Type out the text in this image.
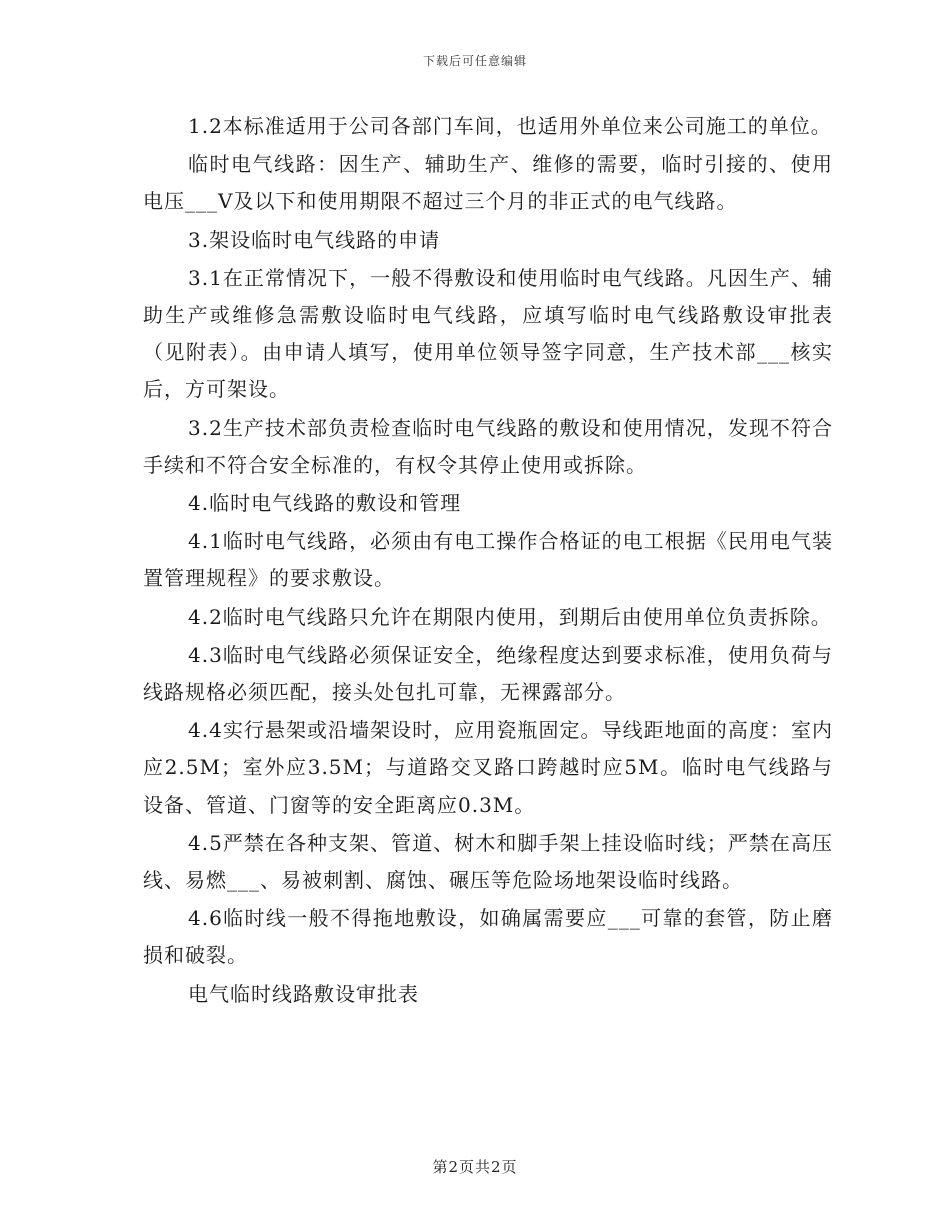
下载后可任意编辑

1.2本标准适用于公司各部门车间，也适用外单位来公司施工的单位。

临时电气线路：因生产、辅助生产、维修的需要，临时引接的、使用电压___V及以下和使用期限不超过三个月的非正式的电气线路。

3.架设临时电气线路的申请

3.1在正常情况下，一般不得敷设和使用临时电气线路。凡因生产、辅助生产或维修急需敷设临时电气线路，应填写临时电气线路敷设审批表（见附表）。由申请人填写，使用单位领导签字同意，生产技术部___核实后，方可架设。

3.2生产技术部负责检查临时电气线路的敷设和使用情况，发现不符合手续和不符合安全标准的，有权令其停止使用或拆除。

4.临时电气线路的敷设和管理

4.1临时电气线路，必须由有电工操作合格证的电工根据《民用电气装置管理规程》的要求敷设。

4.2临时电气线路只允许在期限内使用，到期后由使用单位负责拆除。

4.3临时电气线路必须保证安全，绝缘程度达到要求标准，使用负荷与线路规格必须匹配，接头处包扎可靠，无裸露部分。

4.4实行悬架或沿墙架设时，应用瓷瓶固定。导线距地面的高度：室内应2.5M；室外应3.5M；与道路交叉路口跨越时应5M。临时电气线路与设备、管道、门窗等的安全距离应0.3M。

4.5严禁在各种支架、管道、树木和脚手架上挂设临时线；严禁在高压线、易燃___、易被刺割、腐蚀、碾压等危险场地架设临时线路。

4.6临时线一般不得拖地敷设，如确属需要应___可靠的套管，防止磨损和破裂。

电气临时线路敷设审批表

第2页共2页
